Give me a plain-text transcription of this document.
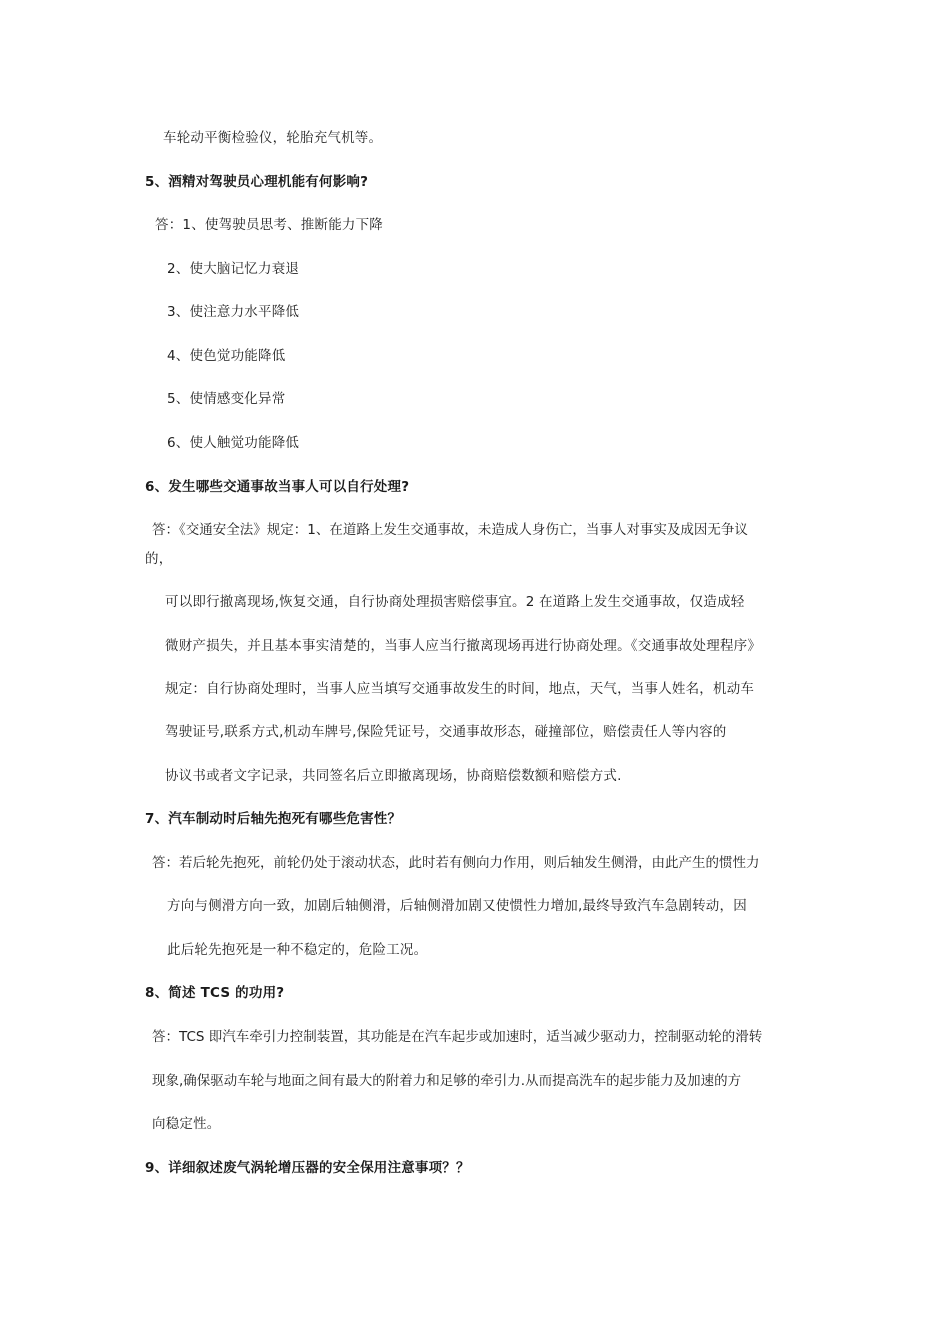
车轮动平衡检验仪，轮胎充气机等。
5、酒精对驾驶员心理机能有何影响?
答：1、使驾驶员思考、推断能力下降
2、使大脑记忆力衰退
3、使注意力水平降低
4、使色觉功能降低
5、使情感变化异常
6、使人触觉功能降低
6、发生哪些交通事故当事人可以自行处理?
答：《交通安全法》规定：1、在道路上发生交通事故，未造成人身伤亡，当事人对事实及成因无争议
的，
可以即行撤离现场,恢复交通，自行协商处理损害赔偿事宜。2 在道路上发生交通事故，仅造成轻
微财产损失，并且基本事实清楚的，当事人应当行撤离现场再进行协商处理。《交通事故处理程序》
规定：自行协商处理时，当事人应当填写交通事故发生的时间，地点，天气，当事人姓名，机动车
驾驶证号,联系方式,机动车牌号,保险凭证号，交通事故形态，碰撞部位，赔偿责任人等内容的
协议书或者文字记录，共同签名后立即撤离现场，协商赔偿数额和赔偿方式.
7、汽车制动时后轴先抱死有哪些危害性？
答：若后轮先抱死，前轮仍处于滚动状态，此时若有侧向力作用，则后轴发生侧滑，由此产生的惯性力
方向与侧滑方向一致，加剧后轴侧滑，后轴侧滑加剧又使惯性力增加,最终导致汽车急剧转动，因
此后轮先抱死是一种不稳定的，危险工况。
8、简述 TCS 的功用?
答：TCS 即汽车牵引力控制装置，其功能是在汽车起步或加速时，适当减少驱动力，控制驱动轮的滑转
现象,确保驱动车轮与地面之间有最大的附着力和足够的牵引力.从而提高洗车的起步能力及加速的方
向稳定性。
9、详细叙述废气涡轮增压器的安全保用注意事项？？
